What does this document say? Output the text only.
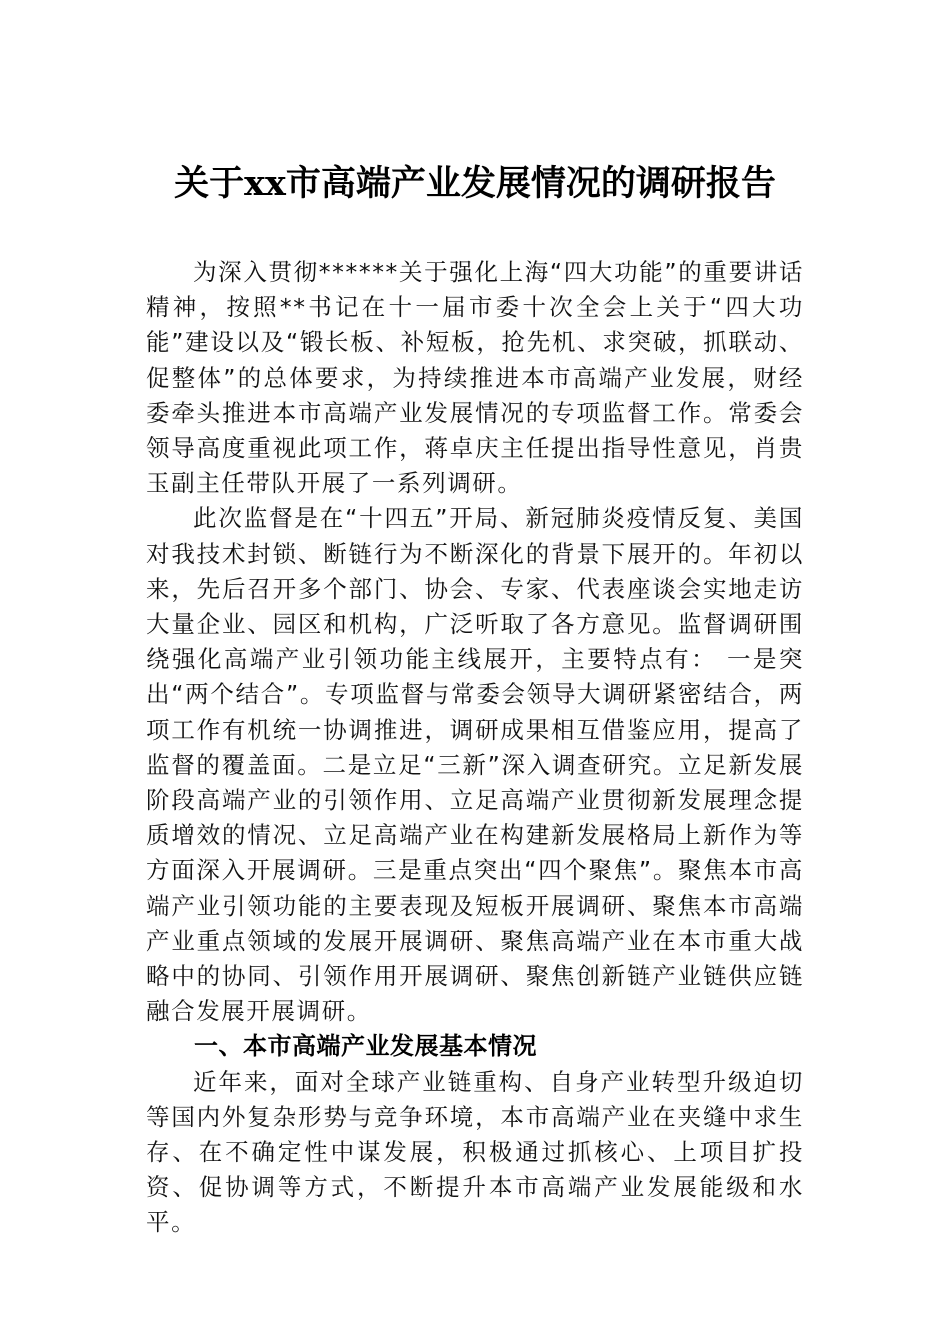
关于xx市高端产业发展情况的调研报告

为深入贯彻******关于强化上海“四大功能”的重要讲话精神，按照**书记在十一届市委十次全会上关于“四大功能”建设以及“锻长板、补短板，抢先机、求突破，抓联动、促整体”的总体要求，为持续推进本市高端产业发展，财经委牵头推进本市高端产业发展情况的专项监督工作。常委会领导高度重视此项工作，蒋卓庆主任提出指导性意见，肖贵玉副主任带队开展了一系列调研。

此次监督是在“十四五”开局、新冠肺炎疫情反复、美国对我技术封锁、断链行为不断深化的背景下展开的。年初以来，先后召开多个部门、协会、专家、代表座谈会实地走访大量企业、园区和机构，广泛听取了各方意见。监督调研围绕强化高端产业引领功能主线展开，主要特点有： 一是突出“两个结合”。专项监督与常委会领导大调研紧密结合，两项工作有机统一协调推进，调研成果相互借鉴应用，提高了监督的覆盖面。二是立足“三新”深入调查研究。立足新发展阶段高端产业的引领作用、立足高端产业贯彻新发展理念提质增效的情况、立足高端产业在构建新发展格局上新作为等方面深入开展调研。三是重点突出“四个聚焦”。聚焦本市高端产业引领功能的主要表现及短板开展调研、聚焦本市高端产业重点领域的发展开展调研、聚焦高端产业在本市重大战略中的协同、引领作用开展调研、聚焦创新链产业链供应链融合发展开展调研。

一、本市高端产业发展基本情况

近年来，面对全球产业链重构、自身产业转型升级迫切等国内外复杂形势与竞争环境，本市高端产业在夹缝中求生存、在不确定性中谋发展，积极通过抓核心、上项目扩投资、促协调等方式，不断提升本市高端产业发展能级和水平。
